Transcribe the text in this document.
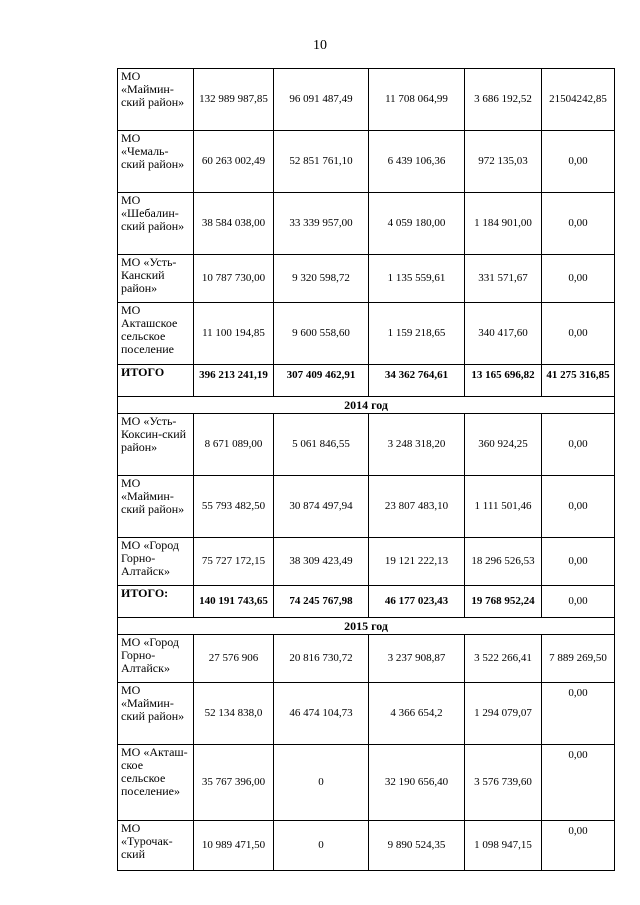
10
МО «Маймин-ский район»	132 989 987,85	96 091 487,49	11 708 064,99	3 686 192,52	21504242,85
МО «Чемаль-ский район»	60 263 002,49	52 851 761,10	6 439 106,36	972 135,03	0,00
МО «Шебалин-ский район»	38 584 038,00	33 339 957,00	4 059 180,00	1 184 901,00	0,00
МО «Усть-Канский район»	10 787 730,00	9 320 598,72	1 135 559,61	331 571,67	0,00
МО Акташское сельское поселение	11 100 194,85	9 600 558,60	1 159 218,65	340 417,60	0,00
ИТОГО	396 213 241,19	307 409 462,91	34 362 764,61	13 165 696,82	41 275 316,85
2014 год					
МО «Усть-Коксин-ский район»	8 671 089,00	5 061 846,55	3 248 318,20	360 924,25	0,00
МО «Маймин-ский район»	55 793 482,50	30 874 497,94	23 807 483,10	1 111 501,46	0,00
МО «Город Горно-Алтайск»	75 727 172,15	38 309 423,49	19 121 222,13	18 296 526,53	0,00
ИТОГО:	140 191 743,65	74 245 767,98	46 177 023,43	19 768 952,24	0,00
2015 год					
МО «Город Горно-Алтайск»	27 576 906	20 816 730,72	3 237 908,87	3 522 266,41	7 889 269,50
МО «Маймин-ский район»	52 134 838,0	46 474 104,73	4 366 654,2	1 294 079,07	0,00
МО «Акташ-ское сельское поселение»	35 767 396,00	0	32 190 656,40	3 576 739,60	0,00
МО «Турочак-ский	10 989 471,50	0	9 890 524,35	1 098 947,15	0,00
